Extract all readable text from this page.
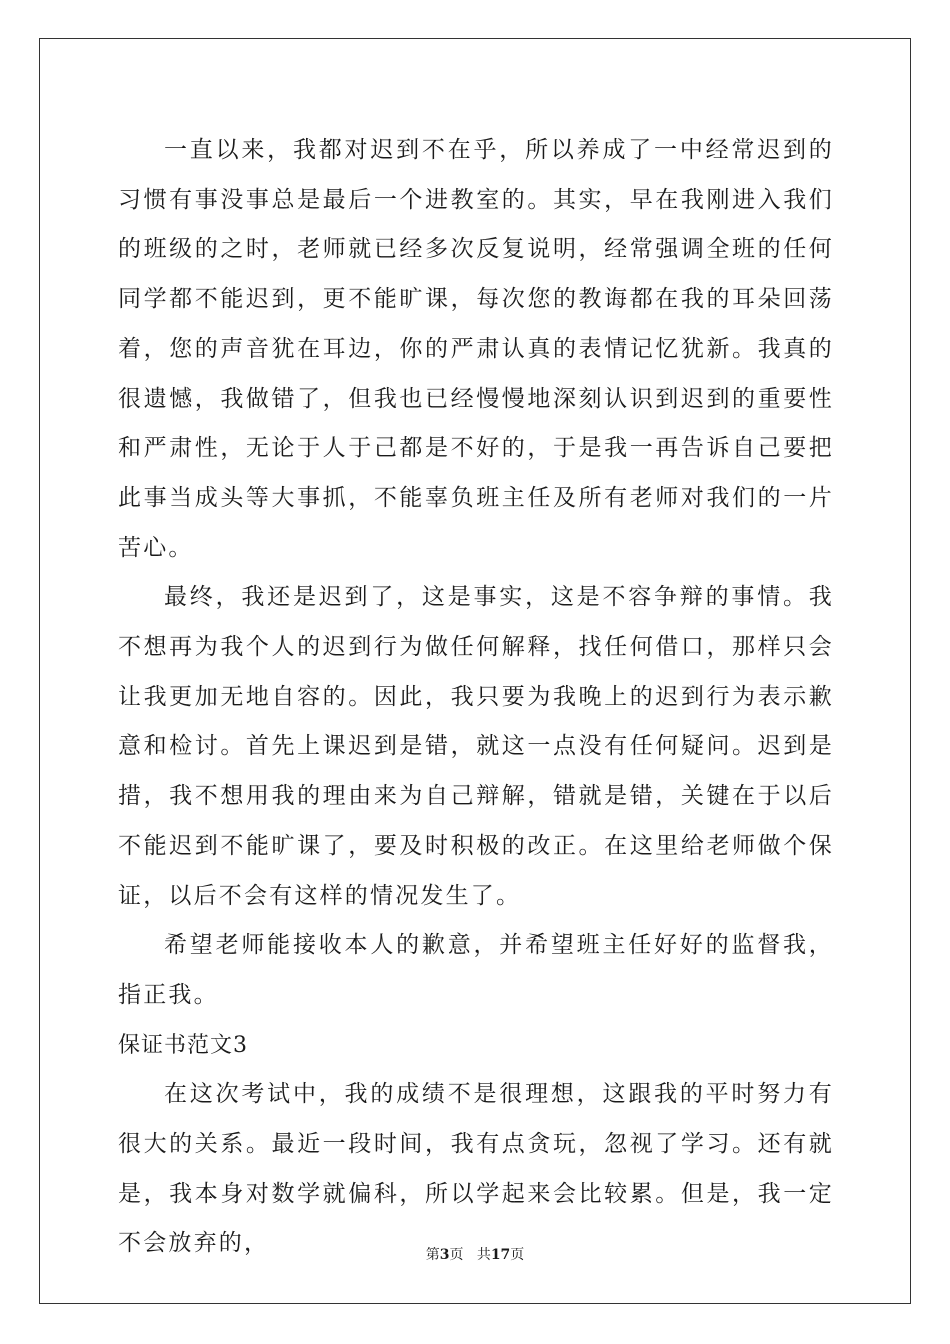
一直以来，我都对迟到不在乎，所以养成了一中经常迟到的习惯有事没事总是最后一个进教室的。其实，早在我刚进入我们的班级的之时，老师就已经多次反复说明，经常强调全班的任何同学都不能迟到，更不能旷课，每次您的教诲都在我的耳朵回荡着，您的声音犹在耳边，你的严肃认真的表情记忆犹新。我真的很遗憾，我做错了，但我也已经慢慢地深刻认识到迟到的重要性和严肃性，无论于人于己都是不好的，于是我一再告诉自己要把此事当成头等大事抓，不能辜负班主任及所有老师对我们的一片苦心。

最终，我还是迟到了，这是事实，这是不容争辩的事情。我不想再为我个人的迟到行为做任何解释，找任何借口，那样只会让我更加无地自容的。因此，我只要为我晚上的迟到行为表示歉意和检讨。首先上课迟到是错，就这一点没有任何疑问。迟到是措，我不想用我的理由来为自己辩解，错就是错，关键在于以后不能迟到不能旷课了，要及时积极的改正。在这里给老师做个保证，以后不会有这样的情况发生了。

希望老师能接收本人的歉意，并希望班主任好好的监督我，指正我。

保证书范文3

在这次考试中，我的成绩不是很理想，这跟我的平时努力有很大的关系。最近一段时间，我有点贪玩，忽视了学习。还有就是，我本身对数学就偏科，所以学起来会比较累。但是，我一定不会放弃的，	第3页 共17页
